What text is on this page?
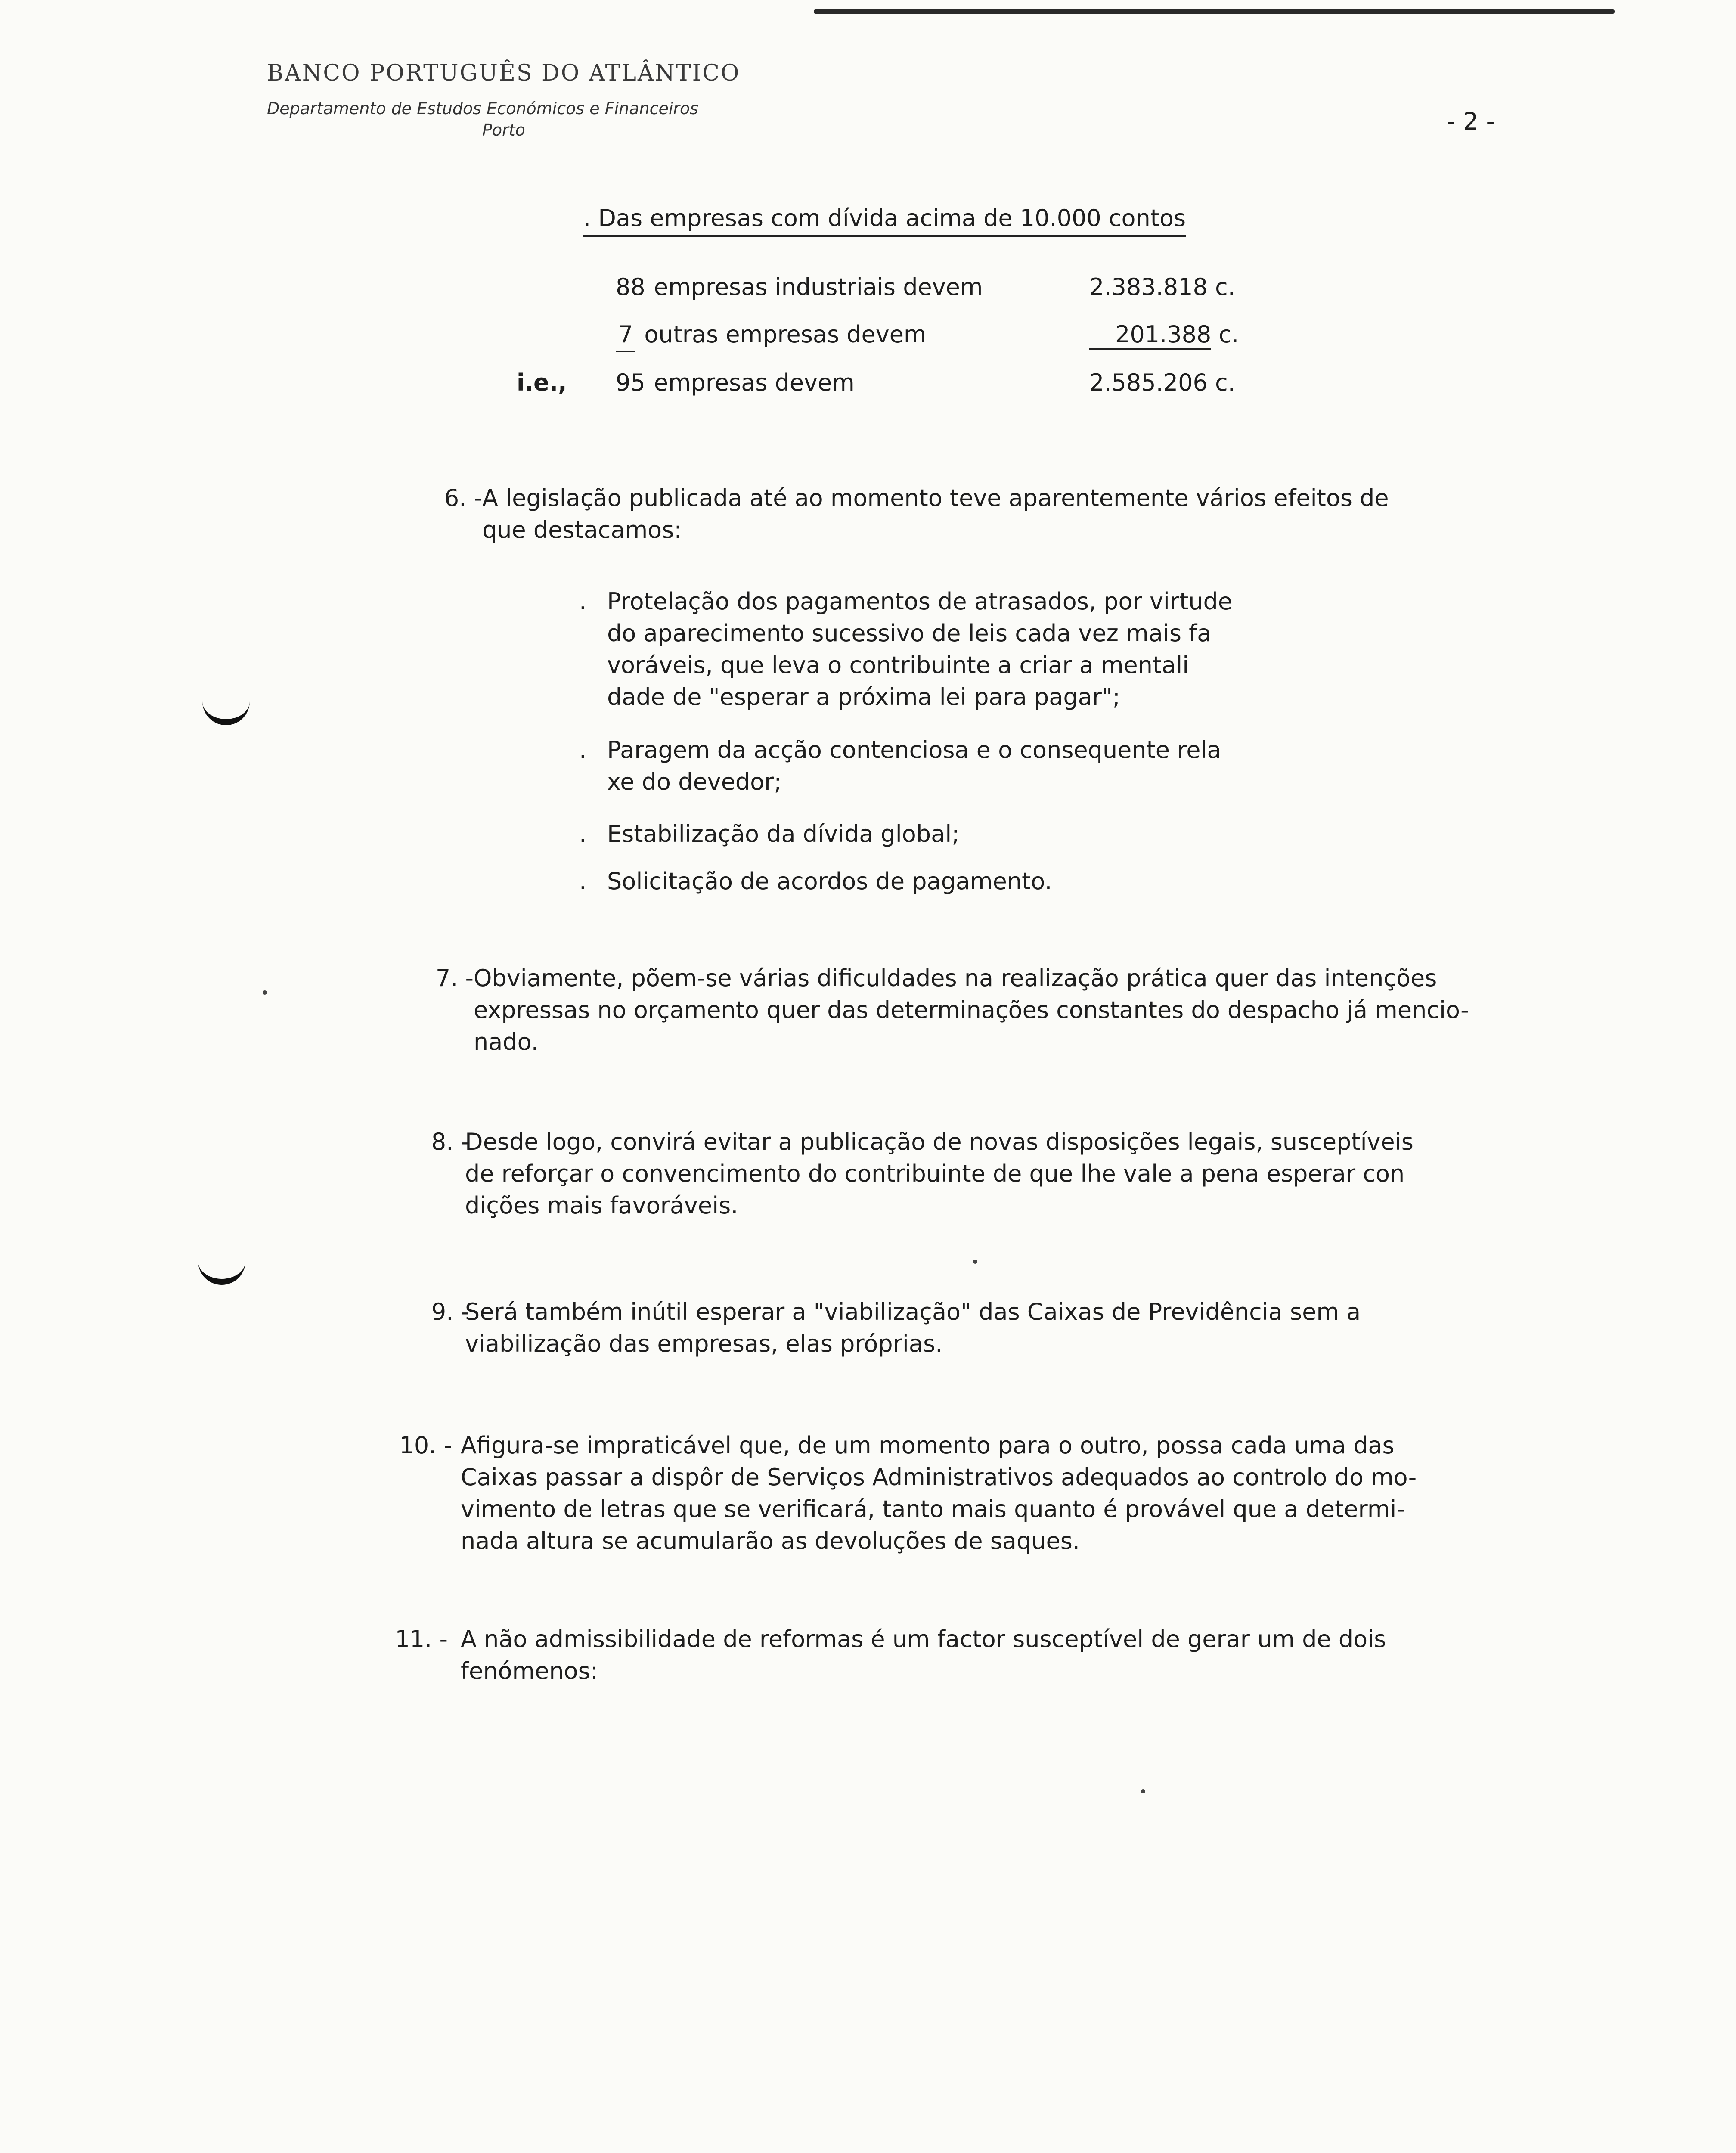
BANCO PORTUGUÊS DO ATLÂNTICO
Departamento de Estudos Económicos e Financeiros
Porto	- 2 -
. Das empresas com dívida acima de 10.000 contos
88 empresas industriais devem	2.383.818 c.
7 outras empresas devem	201.388 c.
i.e., 95 empresas devem	2.585.206 c.
6. - A legislação publicada até ao momento teve aparentemente vários efeitos de

que destacamos:

. Protelação dos pagamentos de atrasados, por virtude

do aparecimento sucessivo de leis cada vez mais fa

voráveis, que leva o contribuinte a criar a mentali

dade de "esperar a próxima lei para pagar";

. Paragem da acção contenciosa e o consequente rela

xe do devedor;

. Estabilização da dívida global;

. Solicitação de acordos de pagamento.

7. - Obviamente, põem-se várias dificuldades na realização prática quer das intenções

expressas no orçamento quer das determinações constantes do despacho já mencio-

nado.

8. -

Desde logo, convirá evitar a publicação de novas disposições legais, susceptíveis

de reforçar o convencimento do contribuinte de que lhe vale a pena esperar con

dições mais favoráveis.

9. -

Será também inútil esperar a "viabilização" das Caixas de Previdência sem a

viabilização das empresas, elas próprias.

10. - Afigura-se impraticável que, de um momento para o outro, possa cada uma das

Caixas passar a dispôr de Serviços Administrativos adequados ao controlo do mo-

vimento de letras que se verificará, tanto mais quanto é provável que a determi-

nada altura se acumularão as devoluções de saques.

11. - A não admissibilidade de reformas é um factor susceptível de gerar um de dois

fenómenos:
